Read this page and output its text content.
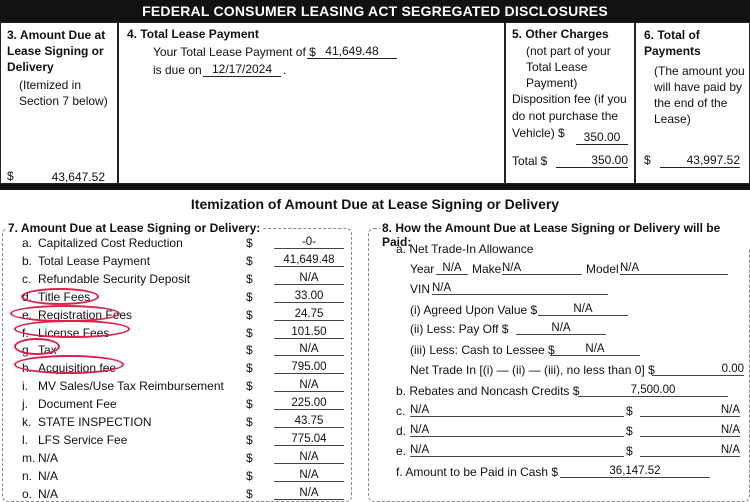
FEDERAL CONSUMER LEASING ACT SEGREGATED DISCLOSURES
3. Amount Due at Lease Signing or Delivery
(Itemized in Section 7 below)
$	43,647.52
4. Total Lease Payment
Your Total Lease Payment of $ 41,649.48
is due on 12/17/2024 .
5. Other Charges
(not part of your Total Lease Payment)
Disposition fee (if you do not purchase the Vehicle) $	350.00
Total $	350.00
6. Total of Payments
(The amount you will have paid by the end of the Lease)
$	43,997.52
Itemization of Amount Due at Lease Signing or Delivery
7. Amount Due at Lease Signing or Delivery:
a. Capitalized Cost Reduction	$	-0-
b. Total Lease Payment	$	41,649.48
c. Refundable Security Deposit	$	N/A
d. Title Fees	$	33.00
e. Registration Fees	$	24.75
f. License Fees	$	101.50
g. Tax	$	N/A
h. Acquisition fee	$	795.00
i. MV Sales/Use Tax Reimbursement $	N/A
j. Document Fee	$	225.00
k. STATE INSPECTION	$	43.75
l. LFS Service Fee	$	775.04
m. N/A	$	N/A
n. N/A	$	N/A
o. N/A	$	N/A
8. How the Amount Due at Lease Signing or Delivery will be Paid:
a. Net Trade-In Allowance
Year N/A Make N/A	Model N/A
VIN N/A
(i) Agreed Upon Value $	N/A
(ii) Less: Pay Off $	N/A
(iii) Less: Cash to Lessee $	N/A
Net Trade In [(i) — (ii) — (iii), no less than 0] $	0.00
b. Rebates and Noncash Credits $	7,500.00
c. N/A	$	N/A
d. N/A	$	N/A
e. N/A	$	N/A
f. Amount to be Paid in Cash $	36,147.52
